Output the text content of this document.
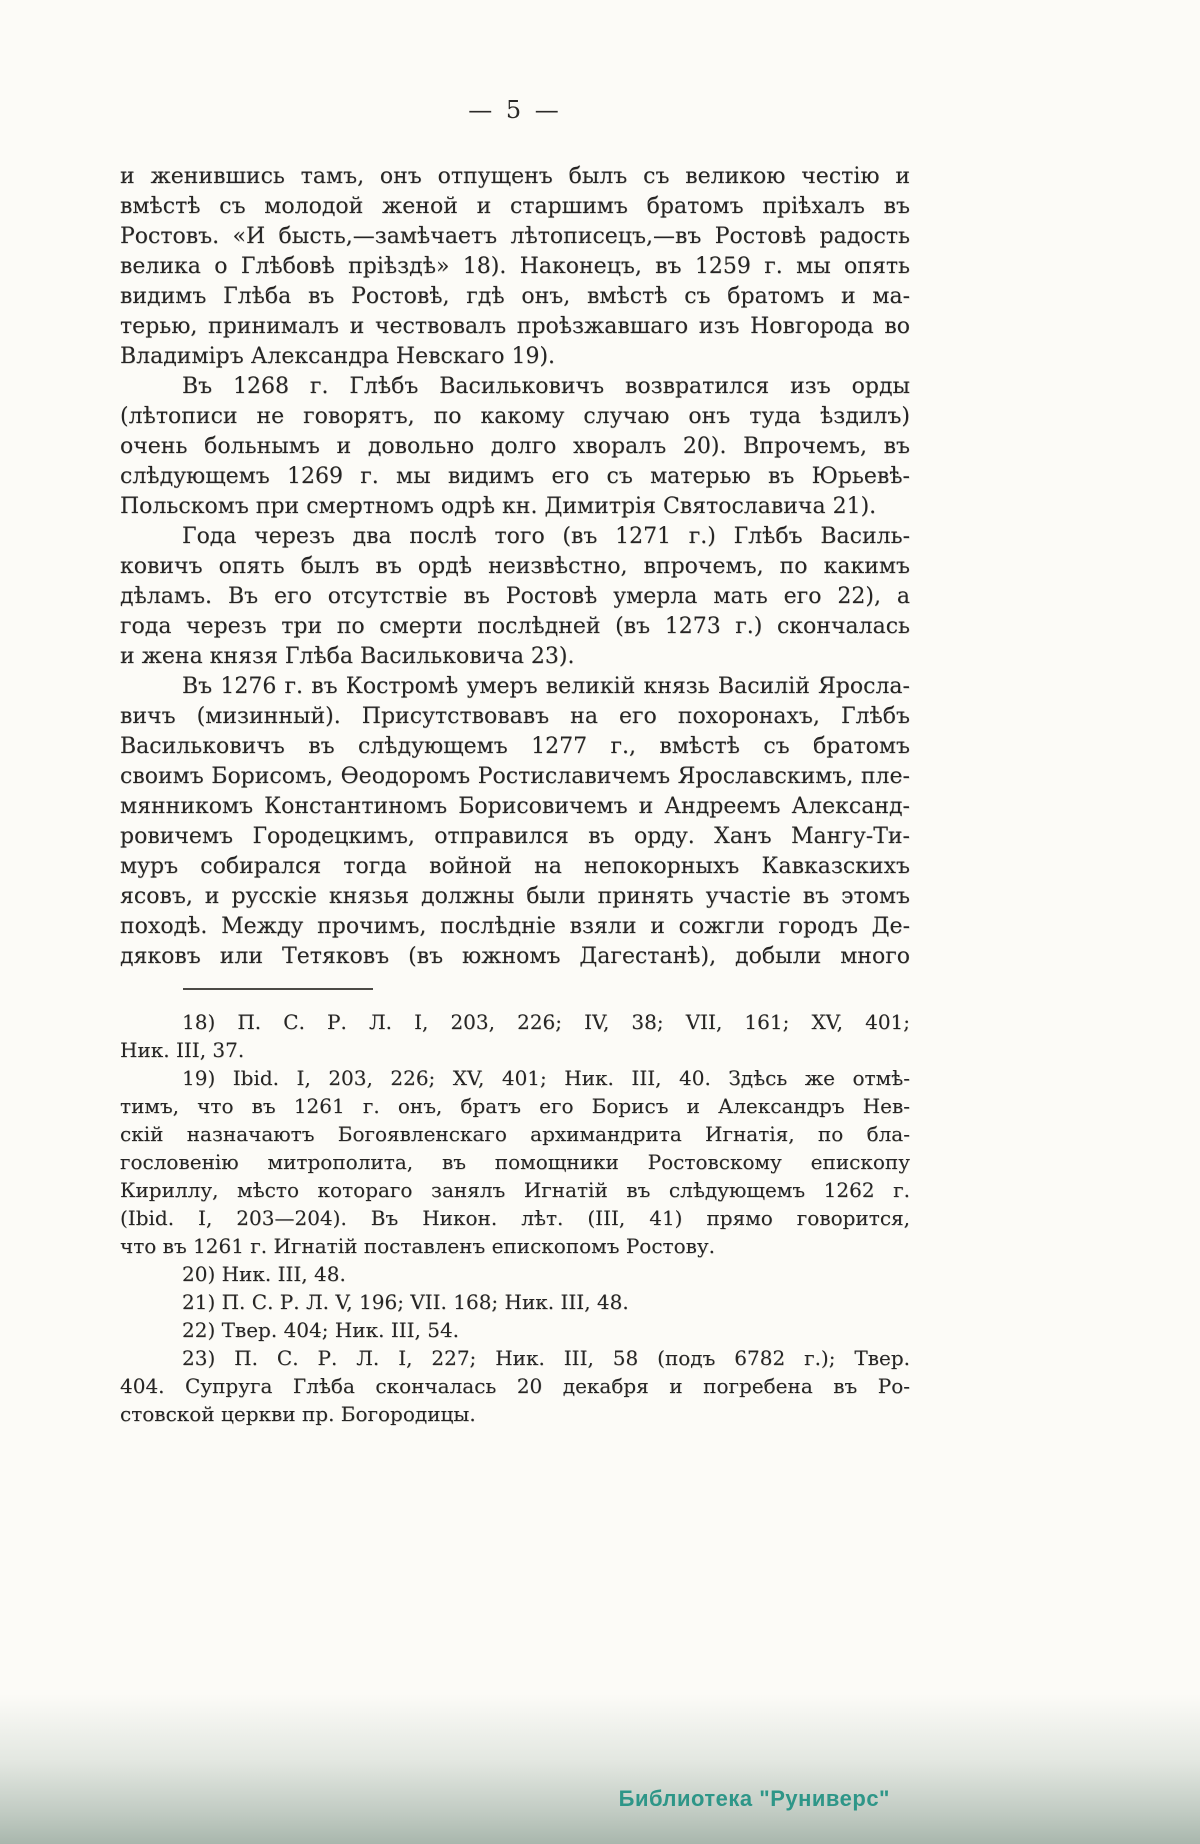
— 5 —
и женившись тамъ, онъ отпущенъ былъ съ великою честію и
вмѣстѣ съ молодой женой и старшимъ братомъ пріѣхалъ въ
Ростовъ. «И бысть,—замѣчаетъ лѣтописецъ,—въ Ростовѣ радость
велика о Глѣбовѣ пріѣздѣ» 18). Наконецъ, въ 1259 г. мы опять
видимъ Глѣба въ Ростовѣ, гдѣ онъ, вмѣстѣ съ братомъ и ма-
терью, принималъ и чествовалъ проѣзжавшаго изъ Новгорода во
Владиміръ Александра Невскаго 19).
Въ 1268 г. Глѣбъ Васильковичъ возвратился изъ орды
(лѣтописи не говорятъ, по какому случаю онъ туда ѣздилъ)
очень больнымъ и довольно долго хворалъ 20). Впрочемъ, въ
слѣдующемъ 1269 г. мы видимъ его съ матерью въ Юрьевѣ-
Польскомъ при смертномъ одрѣ кн. Димитрія Святославича 21).
Года черезъ два послѣ того (въ 1271 г.) Глѣбъ Василь-
ковичъ опять былъ въ ордѣ неизвѣстно, впрочемъ, по какимъ
дѣламъ. Въ его отсутствіе въ Ростовѣ умерла мать его 22), а
года черезъ три по смерти послѣдней (въ 1273 г.) скончалась
и жена князя Глѣба Васильковича 23).
Въ 1276 г. въ Костромѣ умеръ великій князь Василій Яросла-
вичъ (мизинный). Присутствовавъ на его похоронахъ, Глѣбъ
Васильковичъ въ слѣдующемъ 1277 г., вмѣстѣ съ братомъ
своимъ Борисомъ, Ѳеодоромъ Ростиславичемъ Ярославскимъ, пле-
мянникомъ Константиномъ Борисовичемъ и Андреемъ Александ-
ровичемъ Городецкимъ, отправился въ орду. Ханъ Мангу-Ти-
муръ собирался тогда войной на непокорныхъ Кавказскихъ
ясовъ, и русскіе князья должны были принять участіе въ этомъ
походѣ. Между прочимъ, послѣдніе взяли и сожгли городъ Де-
дяковъ или Тетяковъ (въ южномъ Дагестанѣ), добыли много
18) П. С. Р. Л. I, 203, 226; IV, 38; VII, 161; XV, 401;
Ник. III, 37.
19) Ibid. I, 203, 226; XV, 401; Ник. III, 40. Здѣсь же отмѣ-
тимъ, что въ 1261 г. онъ, братъ его Борисъ и Александръ Нев-
скій назначаютъ Богоявленскаго архимандрита Игнатія, по бла-
гословенію митрополита, въ помощники Ростовскому епископу
Кириллу, мѣсто котораго занялъ Игнатій въ слѣдующемъ 1262 г.
(Ibid. I, 203—204). Въ Никон. лѣт. (III, 41) прямо говорится,
что въ 1261 г. Игнатій поставленъ епископомъ Ростову.
20) Ник. III, 48.
21) П. С. Р. Л. V, 196; VII. 168; Ник. III, 48.
22) Твер. 404; Ник. III, 54.
23) П. С. Р. Л. I, 227; Ник. III, 58 (подъ 6782 г.); Твер.
404. Супруга Глѣба скончалась 20 декабря и погребена въ Ро-
стовской церкви пр. Богородицы.
Библиотека "Руниверс"
